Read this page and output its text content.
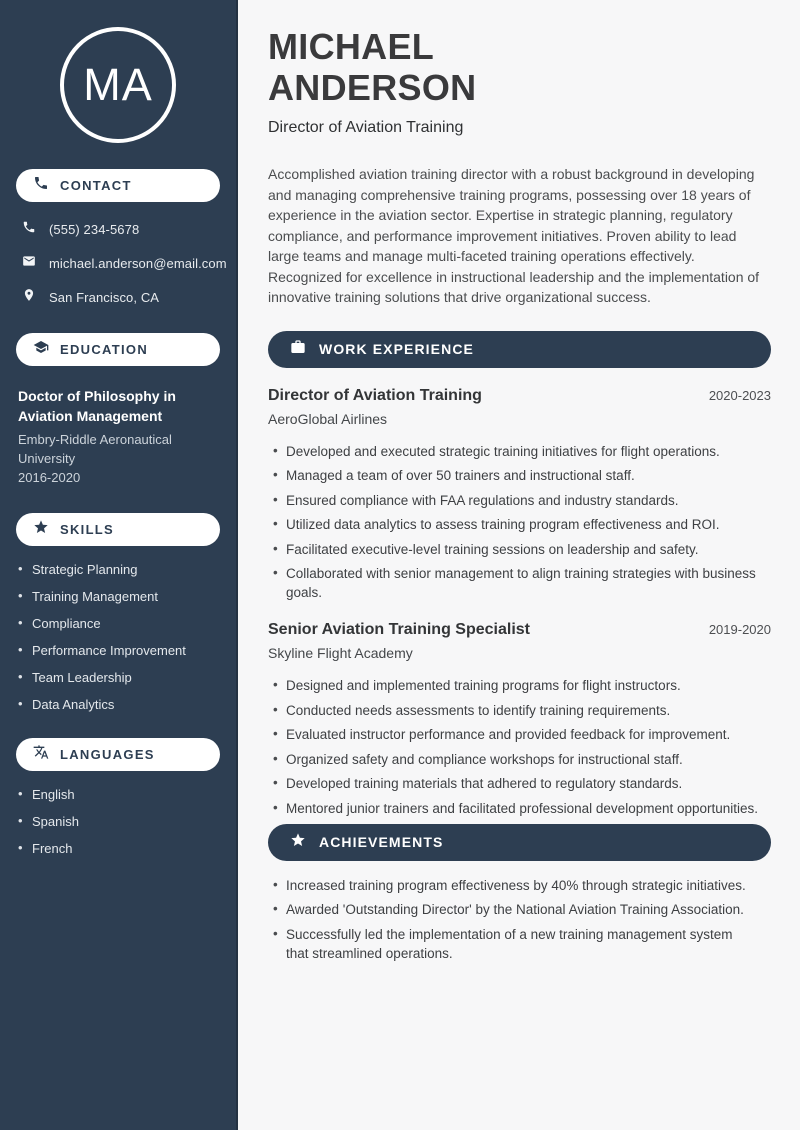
MA
CONTACT
(555) 234-5678
michael.anderson@email.com
San Francisco, CA
EDUCATION
Doctor of Philosophy in Aviation Management
Embry-Riddle Aeronautical University
2016-2020
SKILLS
• Strategic Planning
• Training Management
• Compliance
• Performance Improvement
• Team Leadership
• Data Analytics
LANGUAGES
• English
• Spanish
• French
MICHAEL
ANDERSON
Director of Aviation Training

Accomplished aviation training director with a robust background in developing and managing comprehensive training programs, possessing over 18 years of experience in the aviation sector. Expertise in strategic planning, regulatory compliance, and performance improvement initiatives. Proven ability to lead large teams and manage multi-faceted training operations effectively. Recognized for excellence in instructional leadership and the implementation of innovative training solutions that drive organizational success.

WORK EXPERIENCE
Director of Aviation Training	2020-2023
AeroGlobal Airlines
• Developed and executed strategic training initiatives for flight operations.
• Managed a team of over 50 trainers and instructional staff.
• Ensured compliance with FAA regulations and industry standards.
• Utilized data analytics to assess training program effectiveness and ROI.
• Facilitated executive-level training sessions on leadership and safety.
• Collaborated with senior management to align training strategies with business goals.
Senior Aviation Training Specialist	2019-2020
Skyline Flight Academy
• Designed and implemented training programs for flight instructors.
• Conducted needs assessments to identify training requirements.
• Evaluated instructor performance and provided feedback for improvement.
• Organized safety and compliance workshops for instructional staff.
• Developed training materials that adhered to regulatory standards.
• Mentored junior trainers and facilitated professional development opportunities.
ACHIEVEMENTS
• Increased training program effectiveness by 40% through strategic initiatives.
• Awarded 'Outstanding Director' by the National Aviation Training Association.
• Successfully led the implementation of a new training management system that streamlined operations.
